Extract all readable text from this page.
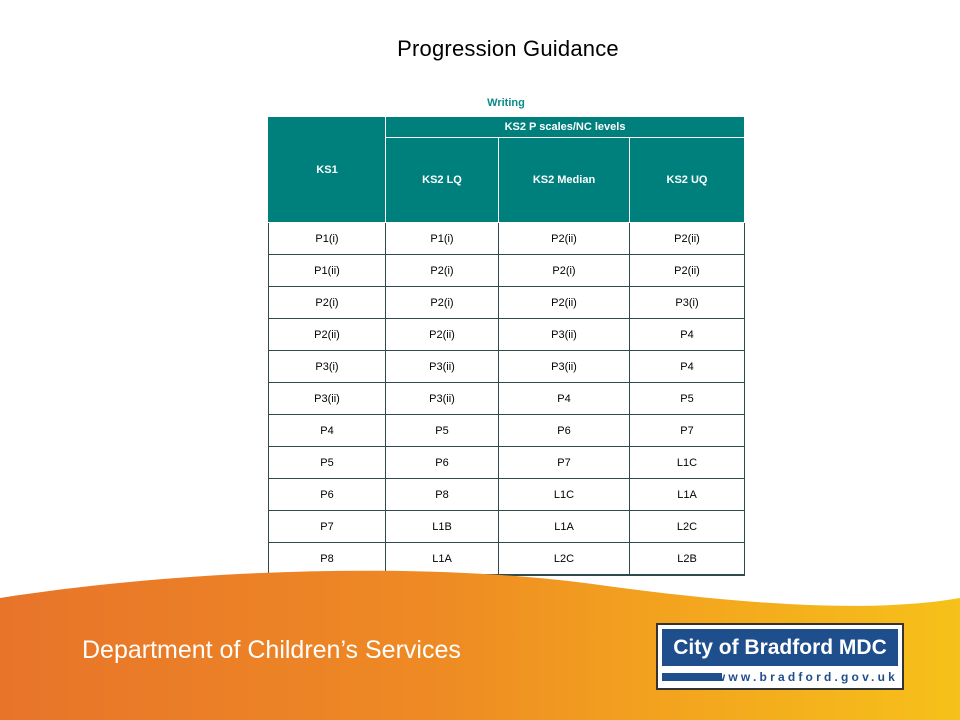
Progression Guidance
Writing
KS1	KS2 P scales/NC levels		
	KS2 LQ	KS2 Median	KS2 UQ
P1(i)	P1(i)	P2(ii)	P2(ii)
P1(ii)	P2(i)	P2(i)	P2(ii)
P2(i)	P2(i)	P2(ii)	P3(i)
P2(ii)	P2(ii)	P3(ii)	P4
P3(i)	P3(ii)	P3(ii)	P4
P3(ii)	P3(ii)	P4	P5
P4	P5	P6	P7
P5	P6	P7	L1C
P6	P8	L1C	L1A
P7	L1B	L1A	L2C
P8	L1A	L2C	L2B
Department of Children’s Services	City of Bradford MDC
www.bradford.gov.uk
